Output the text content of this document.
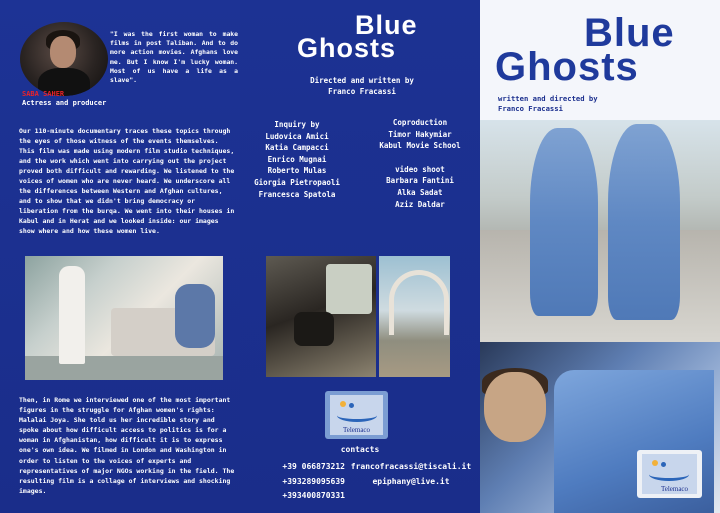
"I was the first woman to make films in post Taliban. And to do more action movies. Afghans love me. But I know I'm lucky woman. Most of us have a life as a slave".
SABA SAHER
Actress and producer
Our 110-minute documentary traces these topics through the eyes of those witness of the events themselves. This film was made using modern film studio techniques, and the work which went into carrying out the project proved both difficult and rewarding. We listened to the voices of women who are never heard. We underscore all the differences between Western and Afghan cultures, and to show that we didn't bring democracy or liberation from the burqa. We went into their houses in Kabul and in Herat and we looked inside: our images show where and how these women live.
Then, in Rome we interviewed one of the most important figures in the struggle for Afghan women's rights: Malalai Joya. She told us her incredible story and spoke about how difficult access to politics is for a woman in Afghanistan, how difficult it is to express one's own idea. We filmed in London and Washington in order to listen to the voices of experts and representatives of major NGOs working in the field. The resulting film is a collage of interviews and shocking images.
Blue
Ghosts
Directed and written by
Franco Fracassi
Inquiry by
Ludovica Amici
Katia Campacci
Enrico Mugnai
Roberto Mulas
Giorgia Pietropaoli
Francesca Spatola
Coproduction
Timor Hakymiar
Kabul Movie School
video shoot
Barbara Fantini
Alka Sadat
Aziz Daldar
Telemaco
contacts
+39 066873212
+393289095639
+393400870331
francofracassi@tiscali.it
epiphany@live.it
Blue
Ghosts
written and directed by
Franco Fracassi
Telemaco
